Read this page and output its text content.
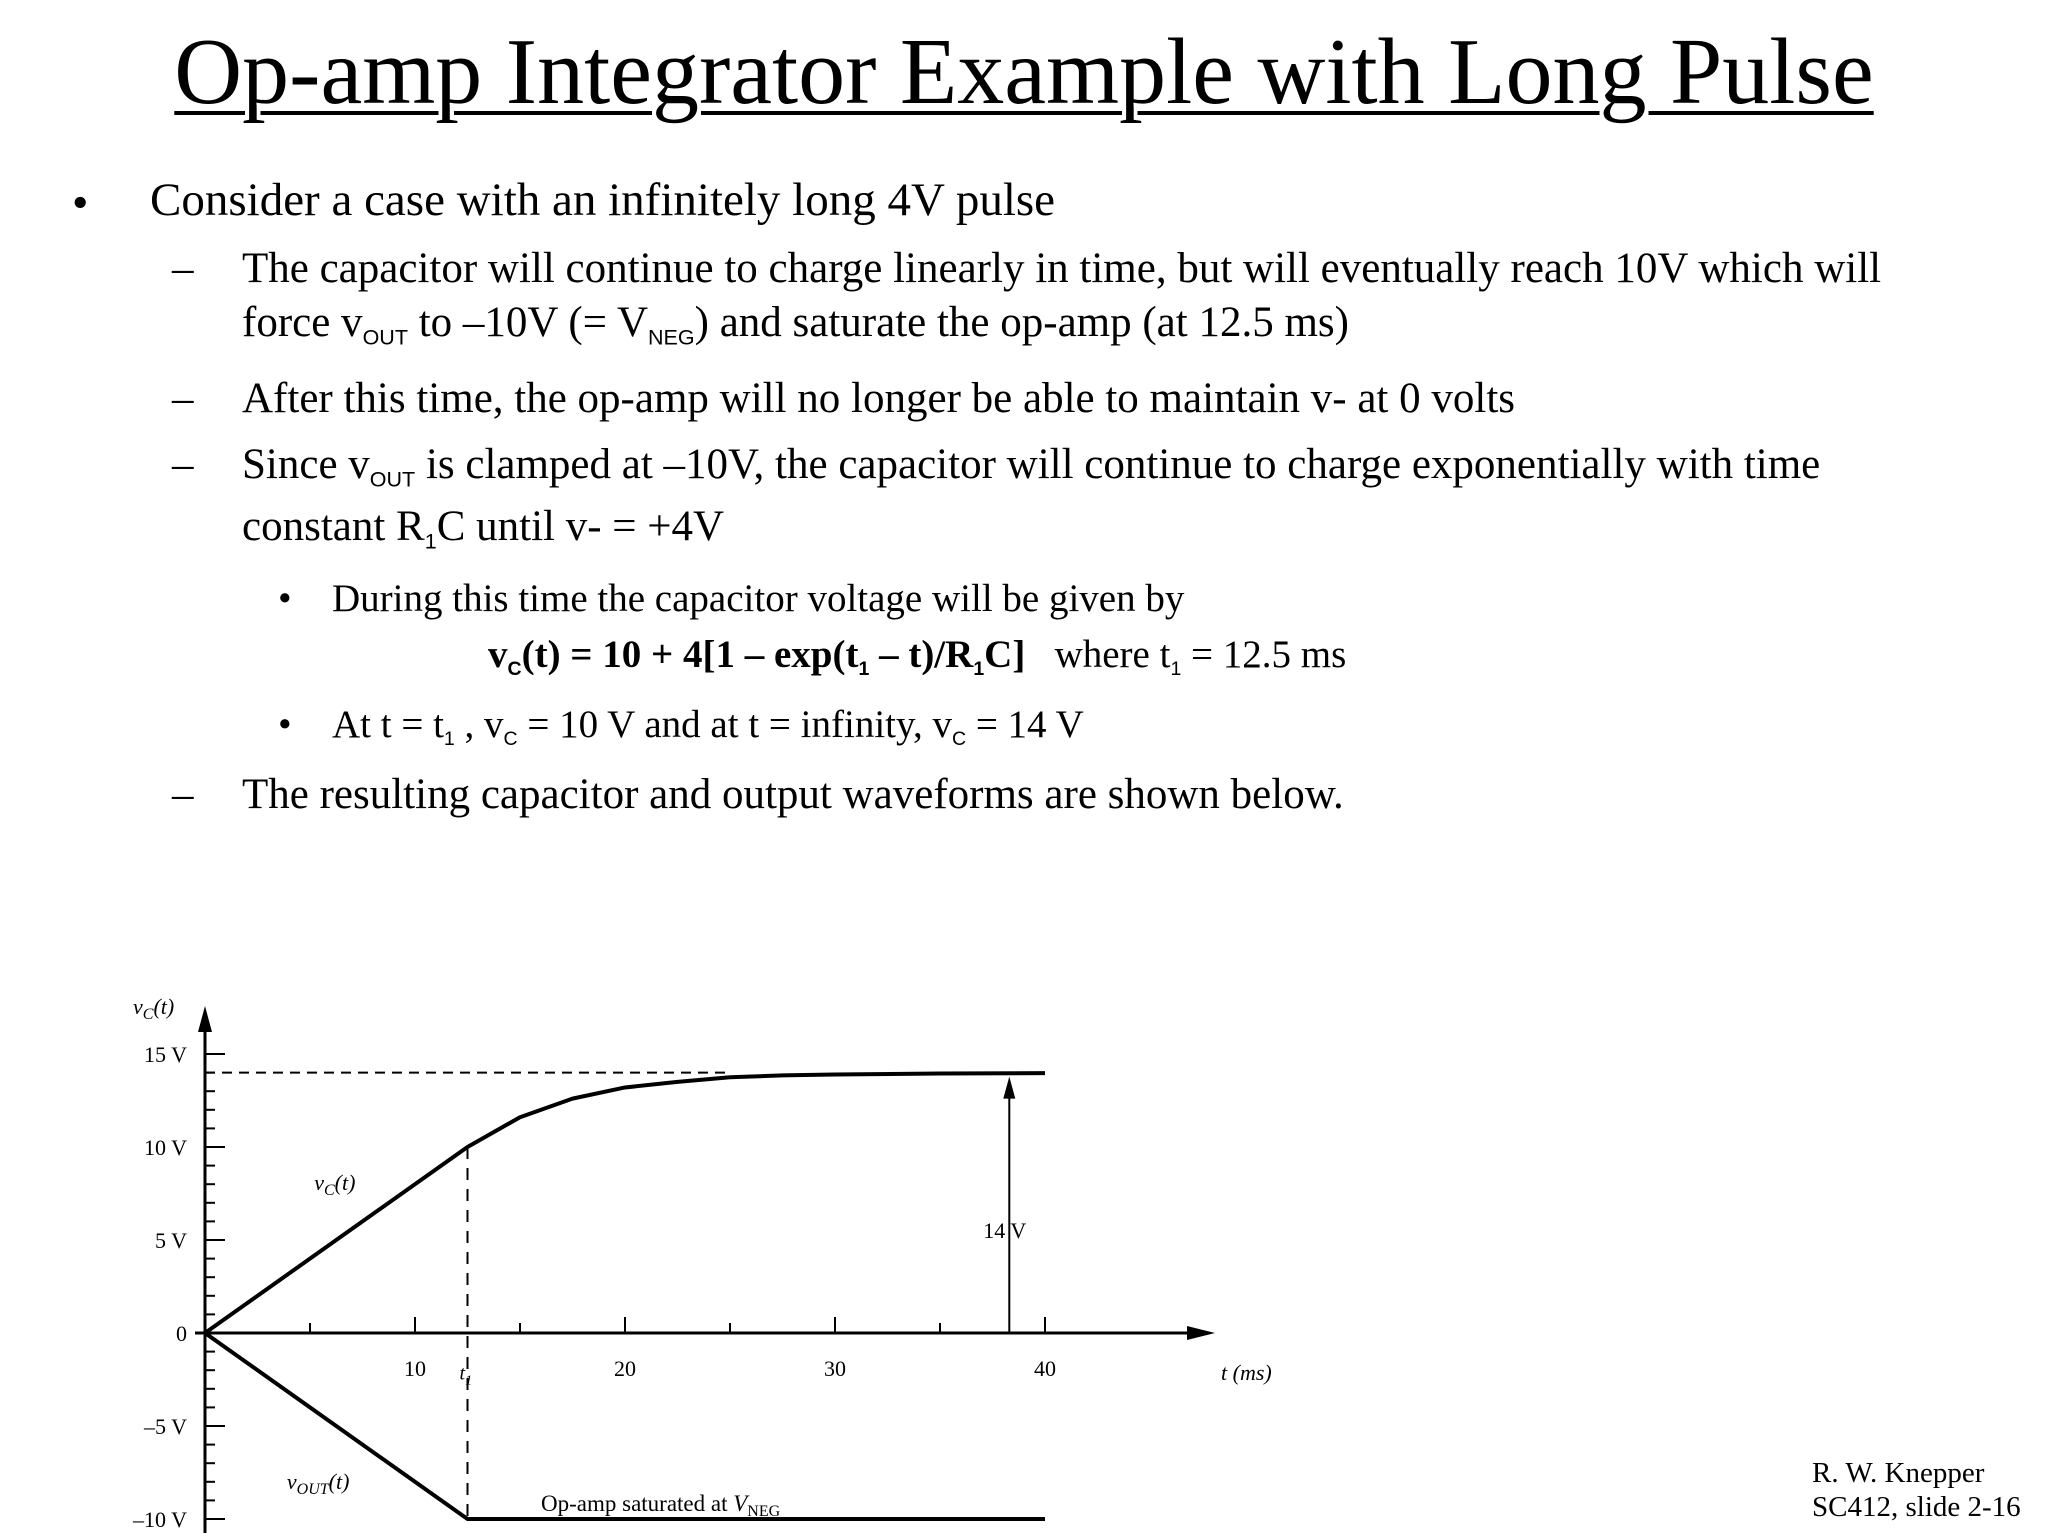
Op-amp Integrator Example with Long Pulse
• Consider a case with an infinitely long 4V pulse
– The capacitor will continue to charge linearly in time, but will eventually reach 10V which will
force $v_{OUT}$ to –10V (= $V_{NEG}$) and saturate the op-amp (at 12.5 ms)
– After this time, the op-amp will no longer be able to maintain v- at 0 volts
– Since $v_{OUT}$ is clamped at –10V, the capacitor will continue to charge exponentially with time
constant $R_1C$ until v- = +4V
• During this time the capacitor voltage will be given by
$v_C(t) = 10 + 4[1 - \exp(t_1 - t)/R_1C]$   where $t_1 = 12.5$ ms
• At $t = t_1$ , $v_C = 10$ V and at t = infinity, $v_C = 14$ V
– The resulting capacitor and output waveforms are shown below.
$v_C(t)$
t (ms)
15 V
10 V
5 V
0
–5 V
–10 V
10	20	30	40
$v_C(t)$
$v_{OUT}(t)$
$t_1$
14 V
Op-amp saturated at $V_{NEG}$
R. W. Knepper
SC412, slide 2-16
